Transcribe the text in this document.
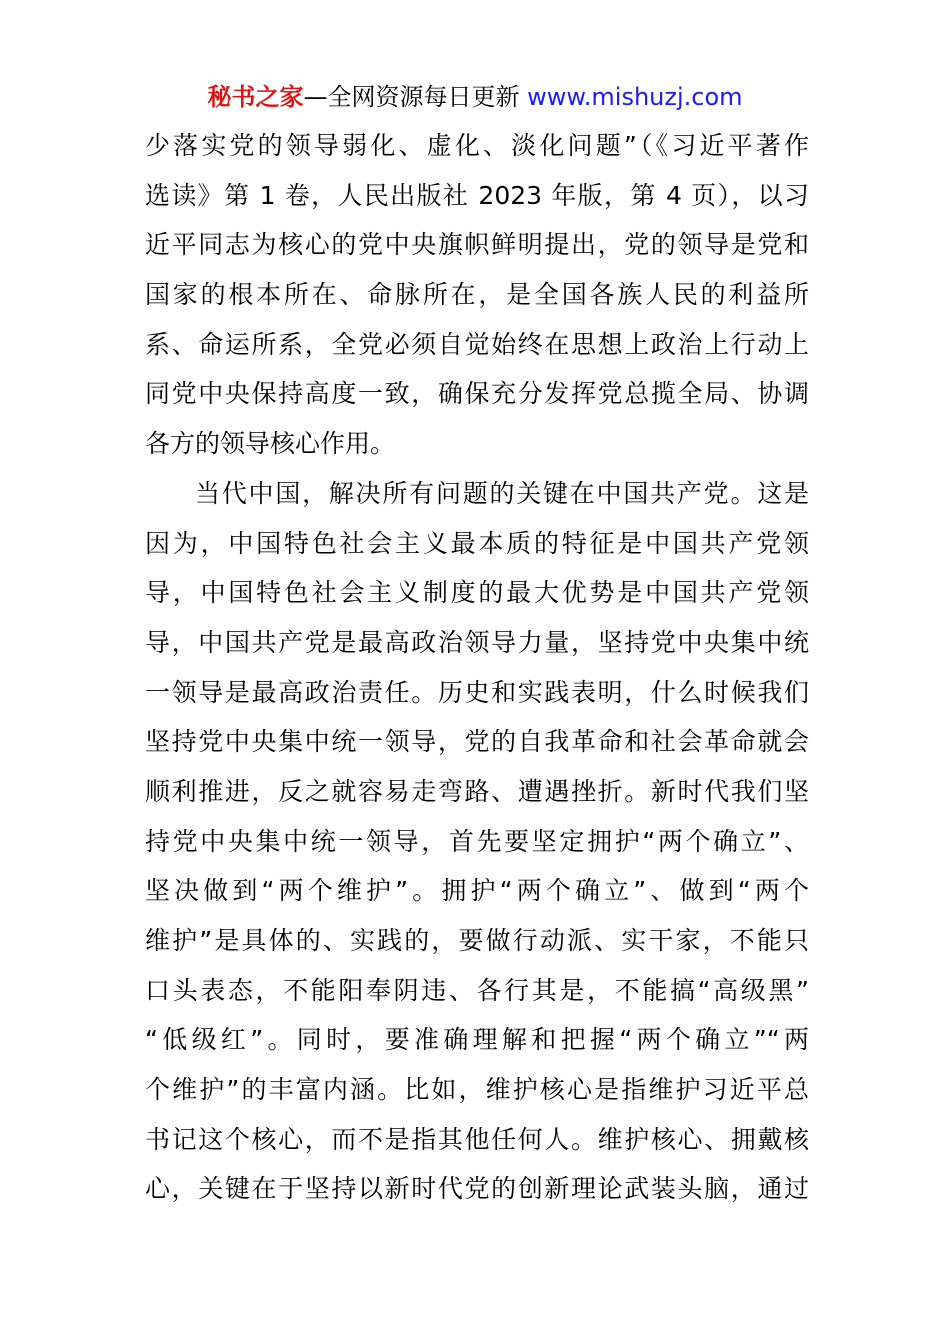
秘书之家—全网资源每日更新 www.mishuzj.com
少落实党的领导弱化、虚化、淡化问题”（《习近平著作
选读》第 1 卷，人民出版社 2023 年版，第 4 页），以习
近平同志为核心的党中央旗帜鲜明提出，党的领导是党和
国家的根本所在、命脉所在，是全国各族人民的利益所
系、命运所系，全党必须自觉始终在思想上政治上行动上
同党中央保持高度一致，确保充分发挥党总揽全局、协调
各方的领导核心作用。
当代中国，解决所有问题的关键在中国共产党。这是
因为，中国特色社会主义最本质的特征是中国共产党领
导，中国特色社会主义制度的最大优势是中国共产党领
导，中国共产党是最高政治领导力量，坚持党中央集中统
一领导是最高政治责任。历史和实践表明，什么时候我们
坚持党中央集中统一领导，党的自我革命和社会革命就会
顺利推进，反之就容易走弯路、遭遇挫折。新时代我们坚
持党中央集中统一领导，首先要坚定拥护“两个确立”、
坚决做到“两个维护”。拥护“两个确立”、做到“两个
维护”是具体的、实践的，要做行动派、实干家，不能只
口头表态，不能阳奉阴违、各行其是，不能搞“高级黑”
“低级红”。同时，要准确理解和把握“两个确立”“两
个维护”的丰富内涵。比如，维护核心是指维护习近平总
书记这个核心，而不是指其他任何人。维护核心、拥戴核
心，关键在于坚持以新时代党的创新理论武装头脑，通过
